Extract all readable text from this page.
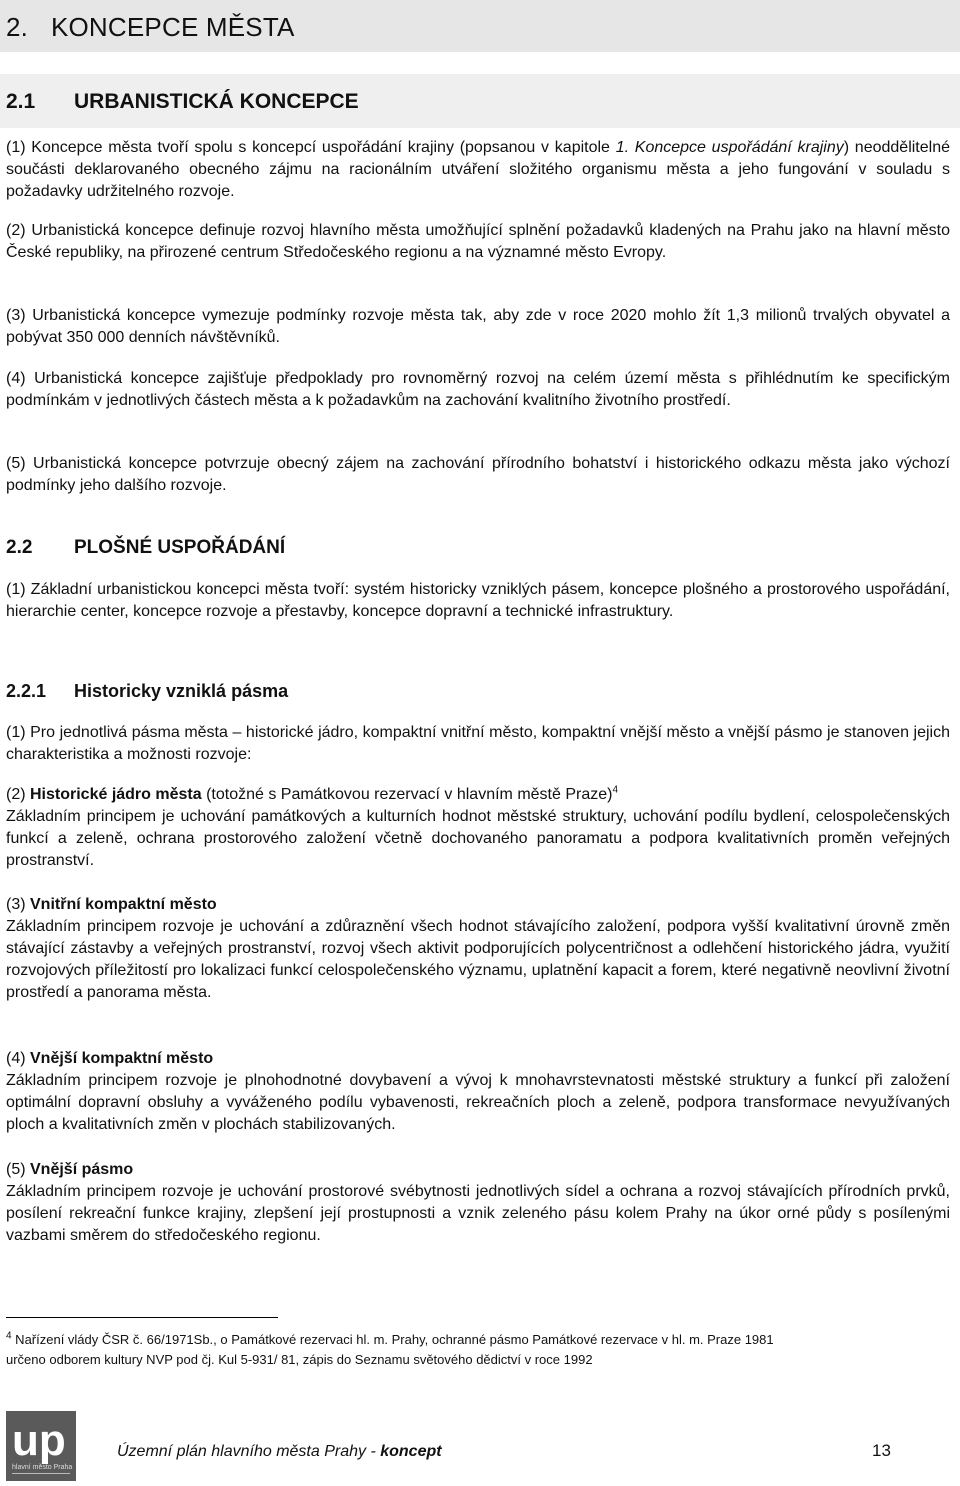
2. KONCEPCE MĚSTA
2.1 URBANISTICKÁ KONCEPCE
(1) Koncepce města tvoří spolu s koncepcí uspořádání krajiny (popsanou v kapitole 1. Koncepce uspořádání krajiny) neoddělitelné součásti deklarovaného obecného zájmu na racionálním utváření složitého organismu města a jeho fungování v souladu s požadavky udržitelného rozvoje.
(2) Urbanistická koncepce definuje rozvoj hlavního města umožňující splnění požadavků kladených na Prahu jako na hlavní město České republiky, na přirozené centrum Středočeského regionu a na významné město Evropy.
(3) Urbanistická koncepce vymezuje podmínky rozvoje města tak, aby zde v roce 2020 mohlo žít 1,3 milionů trvalých obyvatel a pobývat 350 000 denních návštěvníků.
(4) Urbanistická koncepce zajišťuje předpoklady pro rovnoměrný rozvoj na celém území města s přihlédnutím ke specifickým podmínkám v jednotlivých částech města a k požadavkům na zachování kvalitního životního prostředí.
(5) Urbanistická koncepce potvrzuje obecný zájem na zachování přírodního bohatství i historického odkazu města jako výchozí podmínky jeho dalšího rozvoje.
2.2 PLOŠNÉ USPOŘÁDÁNÍ
(1) Základní urbanistickou koncepci města tvoří: systém historicky vzniklých pásem, koncepce plošného a prostorového uspořádání, hierarchie center, koncepce rozvoje a přestavby, koncepce dopravní a technické infrastruktury.
2.2.1 Historicky vzniklá pásma
(1) Pro jednotlivá pásma města – historické jádro, kompaktní vnitřní město, kompaktní vnější město a vnější pásmo je stanoven jejich charakteristika a možnosti rozvoje:
(2) Historické jádro města (totožné s Památkovou rezervací v hlavním městě Praze)$^4$
Základním principem je uchování památkových a kulturních hodnot městské struktury, uchování podílu bydlení, celospolečenských funkcí a zeleně, ochrana prostorového založení včetně dochovaného panoramatu a podpora kvalitativních proměn veřejných prostranství.
(3) Vnitřní kompaktní město
Základním principem rozvoje je uchování a zdůraznění všech hodnot stávajícího založení, podpora vyšší kvalitativní úrovně změn stávající zástavby a veřejných prostranství, rozvoj všech aktivit podporujících polycentričnost a odlehčení historického jádra, využití rozvojových příležitostí pro lokalizaci funkcí celospolečenského významu, uplatnění kapacit a forem, které negativně neovlivní životní prostředí a panorama města.
(4) Vnější kompaktní město
Základním principem rozvoje je plnohodnotné dovybavení a vývoj k mnohavrstevnatosti městské struktury a funkcí při založení optimální dopravní obsluhy a vyváženého podílu vybavenosti, rekreačních ploch a zeleně, podpora transformace nevyužívaných ploch a kvalitativních změn v plochách stabilizovaných.
(5) Vnější pásmo
Základním principem rozvoje je uchování prostorové svébytnosti jednotlivých sídel a ochrana a rozvoj stávajících přírodních prvků, posílení rekreační funkce krajiny, zlepšení její prostupnosti a vznik zeleného pásu kolem Prahy na úkor orné půdy s posílenými vazbami směrem do středočeského regionu.
$^4$ Nařízení vlády ČSR č. 66/1971Sb., o Památkové rezervaci hl. m. Prahy, ochranné pásmo Památkové rezervace v hl. m. Praze 1981
určeno odborem kultury NVP pod čj. Kul 5-931/ 81, zápis do Seznamu světového dědictví v roce 1992
up
hlavní město Praha
Územní plán hlavního města Prahy - koncept	13
